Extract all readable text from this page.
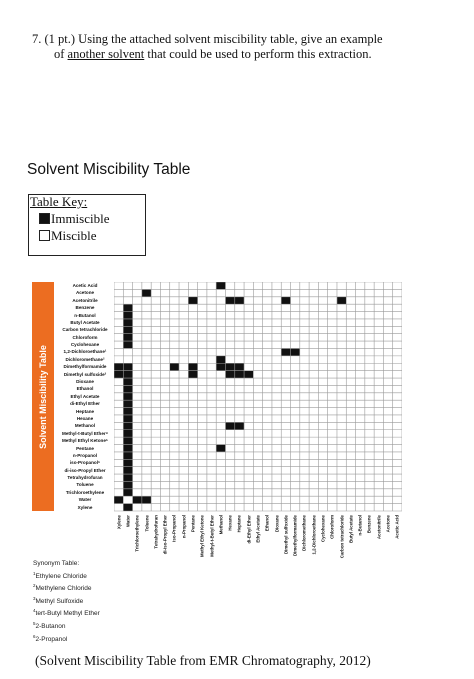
7. (1 pt.) Using the attached solvent miscibility table, give an example
of another solvent that could be used to perform this extraction.
Solvent Miscibility Table
Table Key:
Immiscible
Miscible
Solvent Miscibility Table
Acetic Acid
Acetone
Acetonitrile
Benzene
n-Butanol
Butyl Acetate
Carbon tetrachloride
Chloroform
Cyclohexane
1,2-Dichloroethane¹
Dichloromethane²
Dimethylformamide
Dimethyl sulfoxide³
Dioxane
Ethanol
Ethyl Acetate
di-Ethyl Ether
Heptane
Hexane
Methanol
Methyl-t-Butyl Ether⁴
Methyl Ethyl Ketone⁵
Pentane
n-Propanol
iso-Propanol⁶
di-iso-Propyl Ether
Tetrahydrofuran
Toluene
Trichloroethylene
Water
Xylene
Xylene Water Trichloroethylene Toluene Tetrahydrofuran di-iso-Propyl Ether iso-Propanol n-Propanol Pentane Methyl Ethyl Ketone Methyl-t-Butyl Ether Methanol Hexane Heptane di-Ethyl Ether Ethyl Acetate Ethanol Dioxane Dimethyl sulfoxide Dimethylformamide Dichloromethane 1,2-Dichloroethane Cyclohexane Chloroform Carbon tetrachloride Butyl Acetate n-Butanol Benzene Acetonitrile Acetone Acetic Acid
Synonym Table:
$^1$Ethylene Chloride
$^2$Methylene Chloride
$^3$Methyl Sulfoxide
$^4$tert-Butyl Methyl Ether
$^5$2-Butanon
$^6$2-Propanol
(Solvent Miscibility Table from EMR Chromatography, 2012)
